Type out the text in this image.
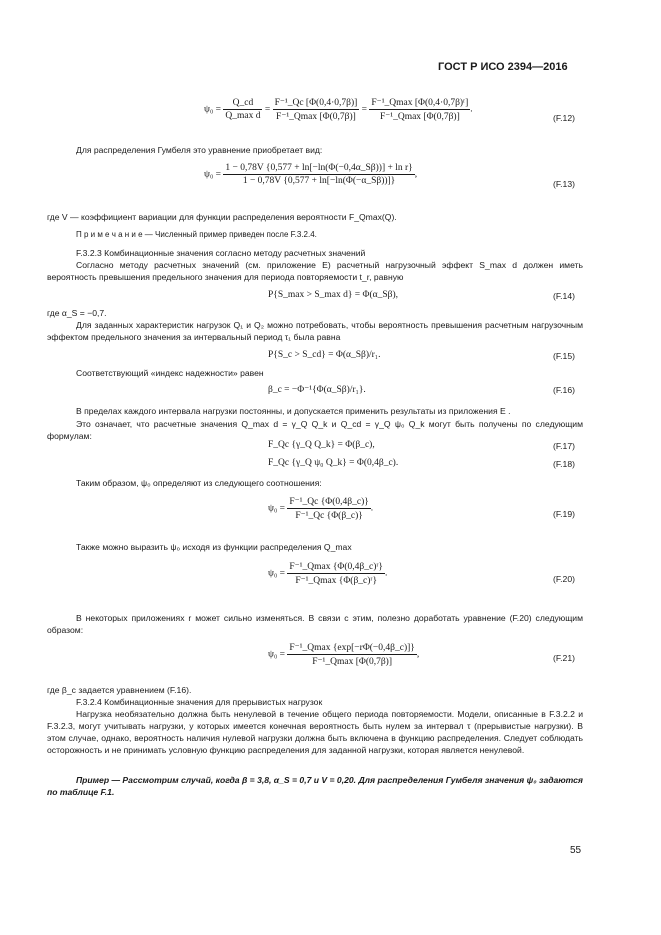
ГОСТ Р ИСО 2394—2016
$\psi_0 = \frac{Q\_cd}{\text{Q\_max d}} = \frac{\text{F⁻¹\_Qc [Φ(0,4·0,7β)]}}{\text{F⁻¹\_Qmax [Φ(0,7β)]}} = \frac{\text{F⁻¹\_Qmax [Φ(0,4·0,7β)ʳ]}}{\text{F⁻¹\_Qmax [Φ(0,7β)]}}$ .
(F.12)
Для распределения Гумбеля это уравнение приобретает вид:
$\psi_0 = \frac{\text{1 − 0,78V \{0,577 + ln[−ln(Φ(−0,4α\_Sβ))] + ln r\}}}{1 - 0,78V \{0,577 + \ln[-\ln(\Phi(-\alpha\_S\beta))]\}}$ ,
(F.13)
где V — коэффициент вариации для функции распределения вероятности F_Qmax(Q).
П р и м е ч а н и е — Численный пример приведен после F.3.2.4.
F.3.2.3 Комбинационные значения согласно методу расчетных значений
Согласно методу расчетных значений (см. приложение Е) расчетный нагрузочный эффект S_max d должен иметь вероятность превышения предельного значения для периода повторяемости t_r, равную
P{S_max > S_max d} = Φ(α_Sβ),	(F.14)
где α_S = −0,7.
Для заданных характеристик нагрузок Q₁ и Q₂ можно потребовать, чтобы вероятность превышения расчетным нагрузочным эффектом предельного значения за интервальный период τ₁ была равна
P{S_c > S_cd} = Φ(α_Sβ)/r₁.	(F.15)
Соответствующий «индекс надежности» равен
β_c = −Φ⁻¹{Φ(α_Sβ)/r₁}.	(F.16)
В пределах каждого интервала нагрузки постоянны, и допускается применить результаты из приложения Е .
Это означает, что расчетные значения Q_max d = γ_Q Q_k и Q_cd = γ_Q ψ₀ Q_k могут быть получены по следующим формулам:
F_Qc {γ_Q Q_k} = Φ(β_c),	(F.17)
F_Qc {γ_Q ψ₀ Q_k} = Φ(0,4β_c).	(F.18)
Таким образом, ψ₀ определяют из следующего соотношения:
$\psi_0 = \frac{\text{F⁻¹\_Qc \{Φ(0,4β\_c)\}}}{\text{F⁻¹\_Qc \{Φ(β\_c)\}}}$ .
(F.19)
Также можно выразить ψ₀ исходя из функции распределения Q_max
$\psi_0 = \frac{\text{F⁻¹\_Qmax \{Φ(0,4β\_c)ʳ\}}}{\text{F⁻¹\_Qmax \{Φ(β\_c)ʳ\}}}$ .
(F.20)
В некоторых приложениях r может сильно изменяться. В связи с этим, полезно доработать уравнение (F.20) следующим образом:
$\psi_0 = \frac{\text{F⁻¹\_Qmax \{exp[−rΦ(−0,4β\_c)]\}}}{\text{F⁻¹\_Qmax [Φ(0,7β)]}}$ ,	(F.21)
где β_c задается уравнением (F.16).
F.3.2.4 Комбинационные значения для прерывистых нагрузок
Нагрузка необязательно должна быть ненулевой в течение общего периода повторяемости. Модели, описанные в F.3.2.2 и F.3.2.3, могут учитывать нагрузки, у которых имеется конечная вероятность быть нулем за интервал τ (прерывистые нагрузки). В этом случае, однако, вероятность наличия нулевой нагрузки должна быть включена в функцию распределения. Следует соблюдать осторожность и не принимать условную функцию распределения для заданной нагрузки, которая является ненулевой.
Пример — Рассмотрим случай, когда β = 3,8, α_S = 0,7 и V = 0,20. Для распределения Гумбеля значения ψ₀ задаются по таблице F.1.
55
